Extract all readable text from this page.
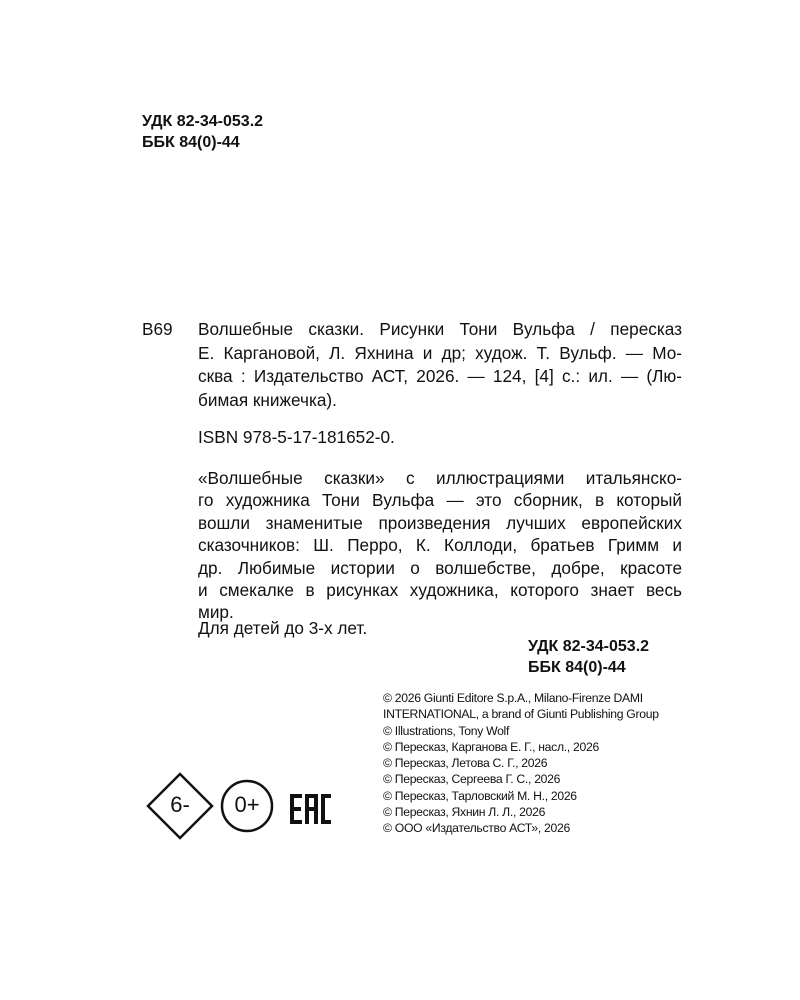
УДК 82-34-053.2
ББК 84(0)-44
В69 Волшебные сказки. Рисунки Тони Вульфа / пересказ
Е. Каргановой, Л. Яхнина и др; худож. Т. Вульф. — Мо-
сква : Издательство АСТ, 2026. — 124, [4] с.: ил. — (Лю-
бимая книжечка).
ISBN 978-5-17-181652-0.
«Волшебные сказки» с иллюстрациями итальянско-
го художника Тони Вульфа — это сборник, в который
вошли знаменитые произведения лучших европейских
сказочников: Ш. Перро, К. Коллоди, братьев Гримм и
др. Любимые истории о волшебстве, добре, красоте
и смекалке в рисунках художника, которого знает весь
мир.
Для детей до 3-х лет.
УДК 82-34-053.2
ББК 84(0)-44
© 2026 Giunti Editore S.p.A., Milano-Firenze DAMI
INTERNATIONAL, a brand of Giunti Publishing Group
© Illustrations, Tony Wolf
© Пересказ, Карганова Е. Г., насл., 2026
© Пересказ, Летова С. Г., 2026
© Пересказ, Сергеева Г. С., 2026
© Пересказ, Тарловский М. Н., 2026
© Пересказ, Яхнин Л. Л., 2026
© ООО «Издательство АСТ», 2026
6-	0+
